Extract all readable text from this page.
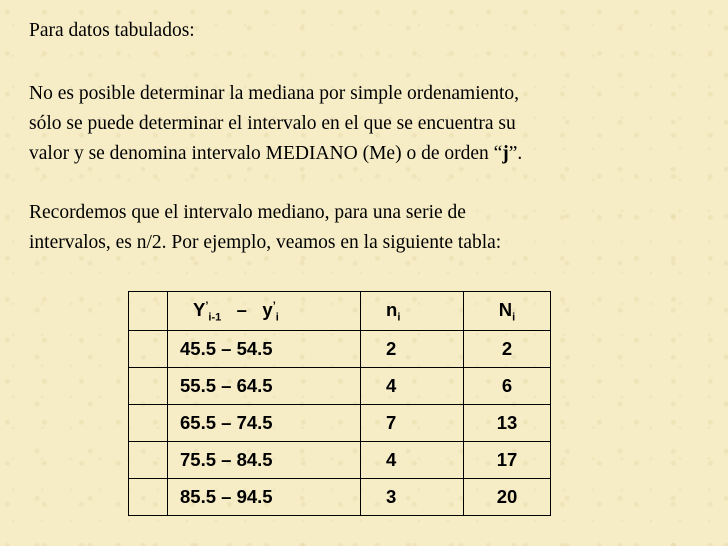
Para datos tabulados:

No es posible determinar la mediana por simple ordenamiento,
sólo se puede determinar el intervalo en el que se encuentra su
valor y se denomina intervalo MEDIANO (Me) o de orden “j”.

Recordemos que el intervalo mediano, para una serie de
intervalos, es n/2. Por ejemplo, veamos en la siguiente tabla:

	$Y^’_{i-1} - y^’_i$	$n_i$	$N_i$
	45.5 – 54.5	2	2
	55.5 – 64.5	4	6
	65.5 – 74.5	7	13
	75.5 – 84.5	4	17
	85.5 – 94.5	3	20
